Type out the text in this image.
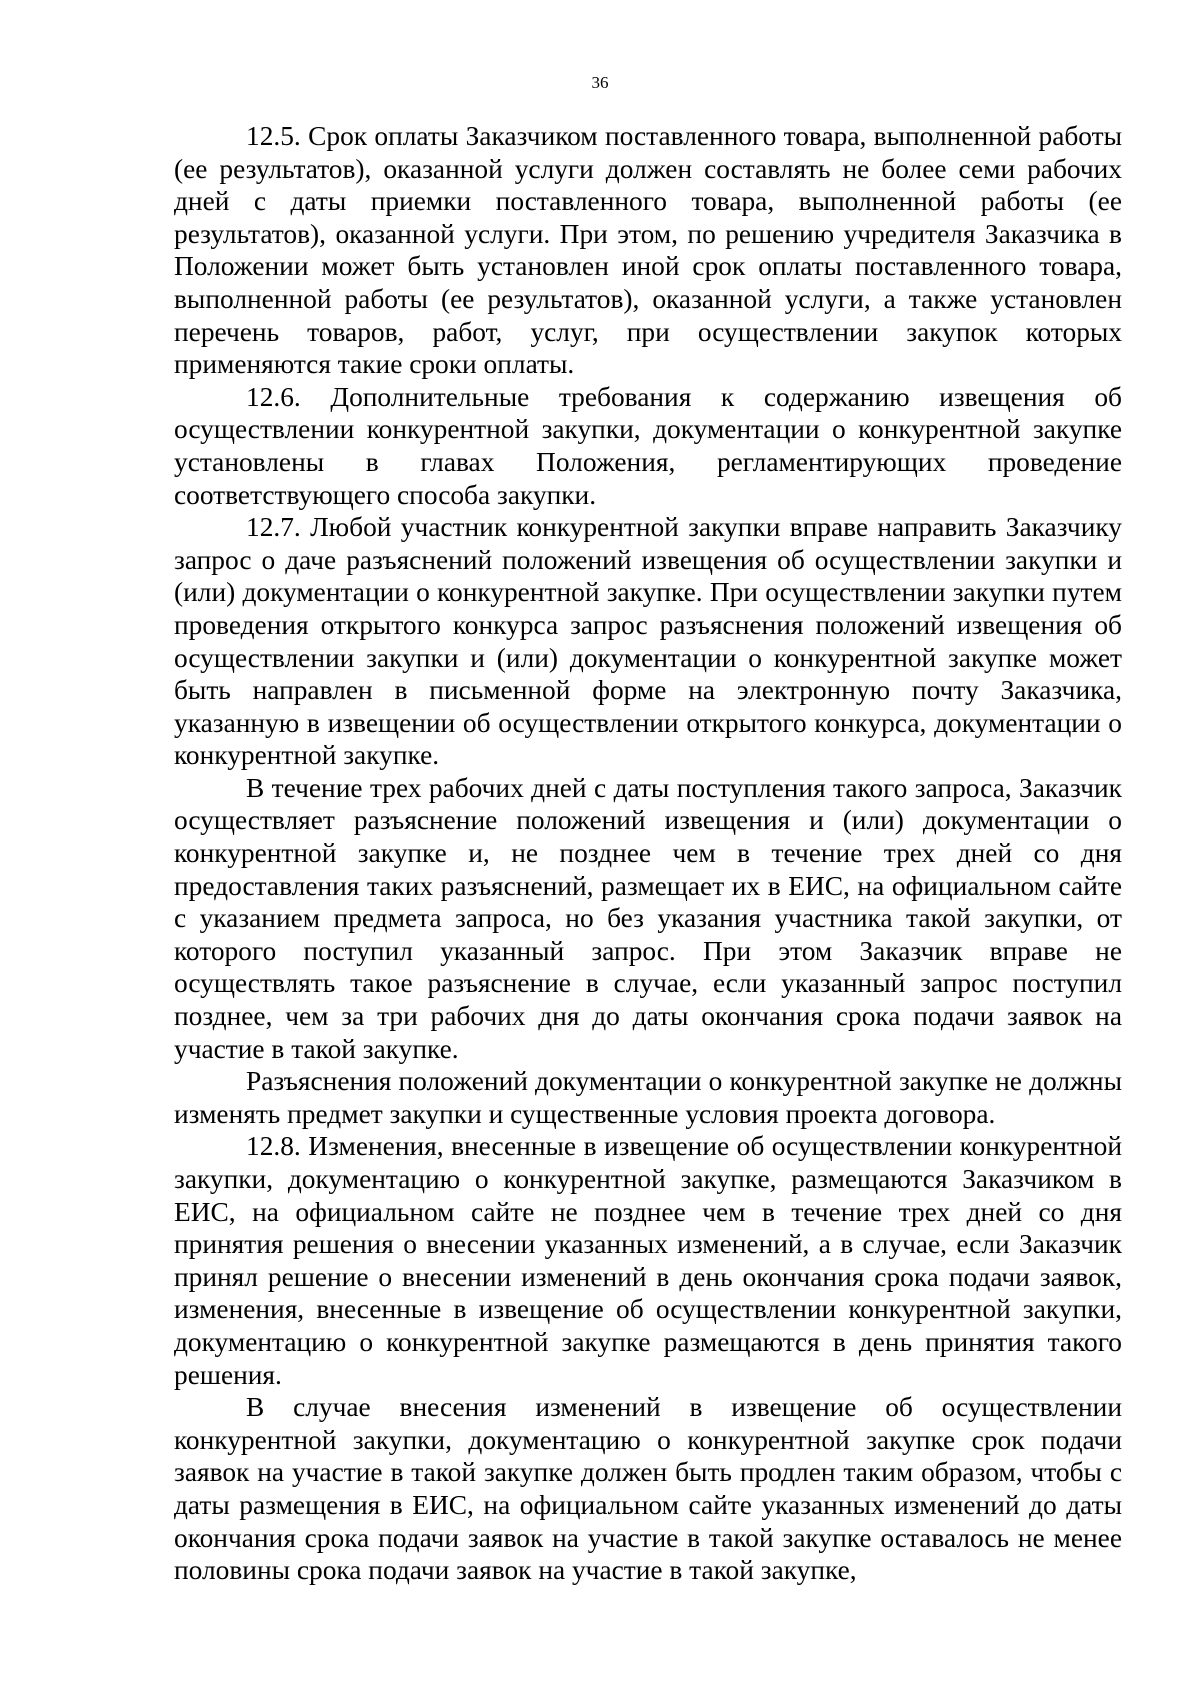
36

12.5. Срок оплаты Заказчиком поставленного товара, выполненной работы (ее результатов), оказанной услуги должен составлять не более семи рабочих дней с даты приемки поставленного товара, выполненной работы (ее результатов), оказанной услуги. При этом, по решению учредителя Заказчика в Положении может быть установлен иной срок оплаты поставленного товара, выполненной работы (ее результатов), оказанной услуги, а также установлен перечень товаров, работ, услуг, при осуществлении закупок которых применяются такие сроки оплаты.

12.6. Дополнительные требования к содержанию извещения об осуществлении конкурентной закупки, документации о конкурентной закупке установлены в главах Положения, регламентирующих проведение соответствующего способа закупки.

12.7. Любой участник конкурентной закупки вправе направить Заказчику запрос о даче разъяснений положений извещения об осуществлении закупки и (или) документации о конкурентной закупке. При осуществлении закупки путем проведения открытого конкурса запрос разъяснения положений извещения об осуществлении закупки и (или) документации о конкурентной закупке может быть направлен в письменной форме на электронную почту Заказчика, указанную в извещении об осуществлении открытого конкурса, документации о конкурентной закупке.

В течение трех рабочих дней с даты поступления такого запроса, Заказчик осуществляет разъяснение положений извещения и (или) документации о конкурентной закупке и, не позднее чем в течение трех дней со дня предоставления таких разъяснений, размещает их в ЕИС, на официальном сайте с указанием предмета запроса, но без указания участника такой закупки, от которого поступил указанный запрос. При этом Заказчик вправе не осуществлять такое разъяснение в случае, если указанный запрос поступил позднее, чем за три рабочих дня до даты окончания срока подачи заявок на участие в такой закупке.

Разъяснения положений документации о конкурентной закупке не должны изменять предмет закупки и существенные условия проекта договора.

12.8. Изменения, внесенные в извещение об осуществлении конкурентной закупки, документацию о конкурентной закупке, размещаются Заказчиком в ЕИС, на официальном сайте не позднее чем в течение трех дней со дня принятия решения о внесении указанных изменений, а в случае, если Заказчик принял решение о внесении изменений в день окончания срока подачи заявок, изменения, внесенные в извещение об осуществлении конкурентной закупки, документацию о конкурентной закупке размещаются в день принятия такого решения.

В случае внесения изменений в извещение об осуществлении конкурентной закупки, документацию о конкурентной закупке срок подачи заявок на участие в такой закупке должен быть продлен таким образом, чтобы с даты размещения в ЕИС, на официальном сайте указанных изменений до даты окончания срока подачи заявок на участие в такой закупке оставалось не менее половины срока подачи заявок на участие в такой закупке,
